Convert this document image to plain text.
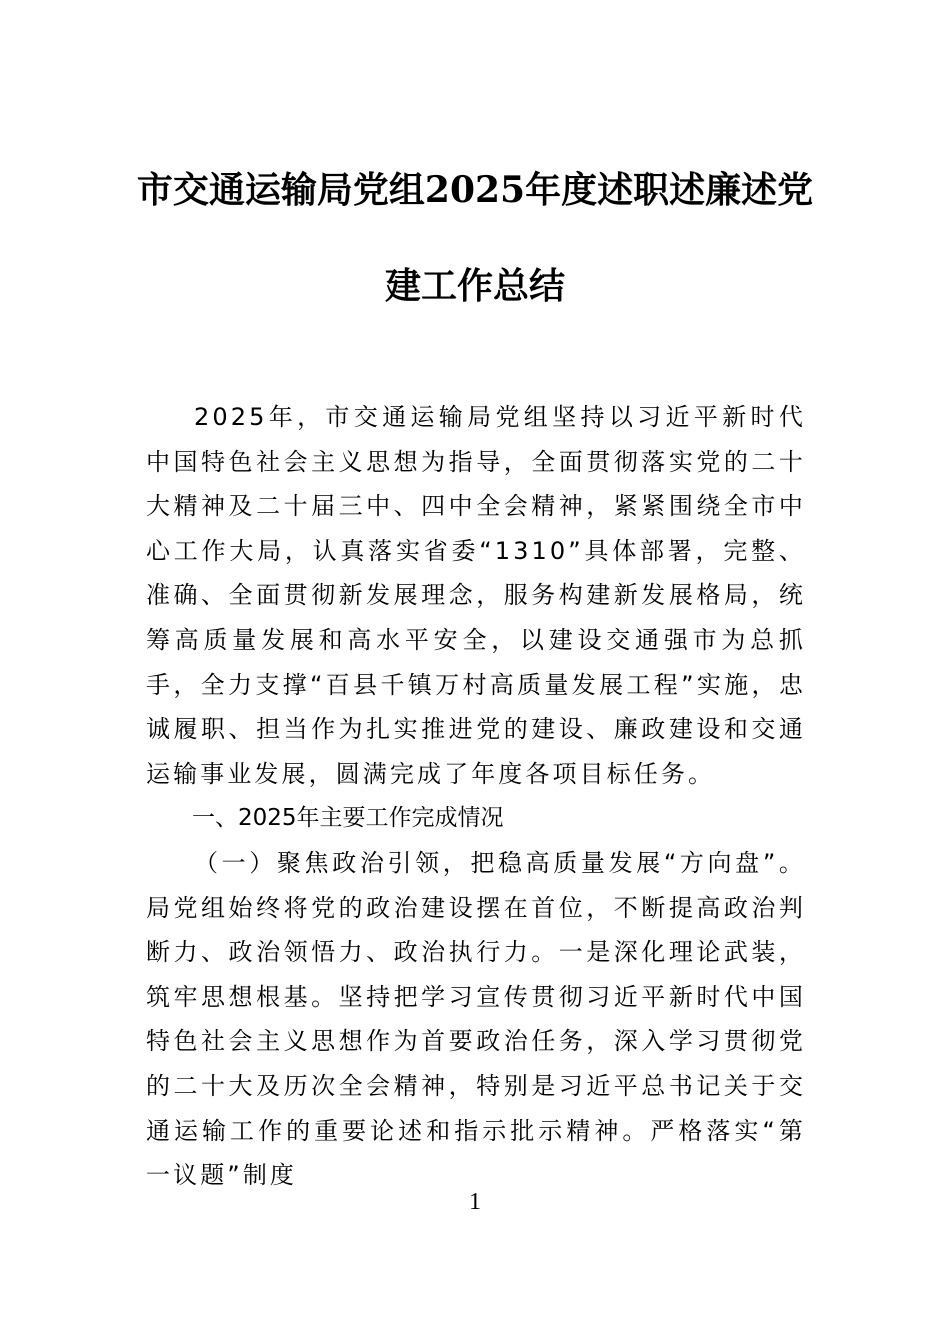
市交通运输局党组2025年度述职述廉述党
建工作总结

2025年，市交通运输局党组坚持以习近平新时代中国特色社会主义思想为指导，全面贯彻落实党的二十大精神及二十届三中、四中全会精神，紧紧围绕全市中心工作大局，认真落实省委“1310”具体部署，完整、准确、全面贯彻新发展理念，服务构建新发展格局，统筹高质量发展和高水平安全，以建设交通强市为总抓手，全力支撑“百县千镇万村高质量发展工程”实施，忠诚履职、担当作为扎实推进党的建设、廉政建设和交通运输事业发展，圆满完成了年度各项目标任务。

一、2025年主要工作完成情况

（一）聚焦政治引领，把稳高质量发展“方向盘”。局党组始终将党的政治建设摆在首位，不断提高政治判断力、政治领悟力、政治执行力。一是深化理论武装，筑牢思想根基。坚持把学习宣传贯彻习近平新时代中国特色社会主义思想作为首要政治任务，深入学习贯彻党的二十大及历次全会精神，特别是习近平总书记关于交通运输工作的重要论述和指示批示精神。严格落实“第一议题”制度

1
